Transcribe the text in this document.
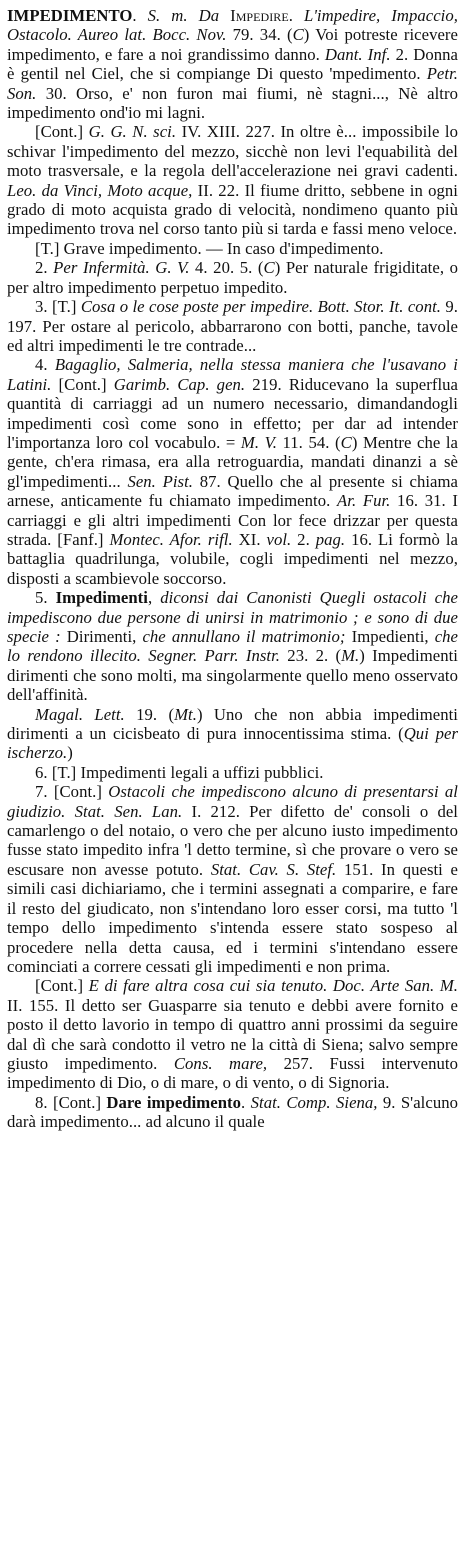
IMPEDIMENTO. S. m. Da Impedire. L'impedire, Impaccio, Ostacolo. Aureo lat. Bocc. Nov. 79. 34. (C) Voi potreste ricevere impedimento, e fare a noi grandissimo danno. Dant. Inf. 2. Donna è gentil nel Ciel, che si compiange Di questo 'mpedimento. Petr. Son. 30. Orso, e' non furon mai fiumi, nè stagni..., Nè altro impedimento ond'io mi lagni.

[Cont.] G. G. N. sci. IV. XIII. 227. In oltre è... impossibile lo schivar l'impedimento del mezzo, sicchè non levi l'equabilità del moto trasversale, e la regola dell'accelerazione nei gravi cadenti. Leo. da Vinci, Moto acque, II. 22. Il fiume dritto, sebbene in ogni grado di moto acquista grado di velocità, nondimeno quanto più impedimento trova nel corso tanto più si tarda e fassi meno veloce.

[T.] Grave impedimento. — In caso d'impedimento.

2. Per Infermità. G. V. 4. 20. 5. (C) Per naturale frigiditate, o per altro impedimento perpetuo impedito.

3. [T.] Cosa o le cose poste per impedire. Bott. Stor. It. cont. 9. 197. Per ostare al pericolo, abbarrarono con botti, panche, tavole ed altri impedimenti le tre contrade...

4. Bagaglio, Salmeria, nella stessa maniera che l'usavano i Latini. [Cont.] Garimb. Cap. gen. 219. Riducevano la superflua quantità di carriaggi ad un numero necessario, dimandandogli impedimenti così come sono in effetto; per dar ad intender l'importanza loro col vocabulo. = M. V. 11. 54. (C) Mentre che la gente, ch'era rimasa, era alla retroguardia, mandati dinanzi a sè gl'impedimenti... Sen. Pist. 87. Quello che al presente si chiama arnese, anticamente fu chiamato impedimento. Ar. Fur. 16. 31. I carriaggi e gli altri impedimenti Con lor fece drizzar per questa strada. [Fanf.] Montec. Afor. rifl. XI. vol. 2. pag. 16. Li formò la battaglia quadrilunga, volubile, cogli impedimenti nel mezzo, disposti a scambievole soccorso.

5. Impedimenti, diconsi dai Canonisti Quegli ostacoli che impediscono due persone di unirsi in matrimonio ; e sono di due specie : Dirimenti, che annullano il matrimonio; Impedienti, che lo rendono illecito. Segner. Parr. Instr. 23. 2. (M.) Impedimenti dirimenti che sono molti, ma singolarmente quello meno osservato dell'affinità.

Magal. Lett. 19. (Mt.) Uno che non abbia impedimenti dirimenti a un cicisbeato di pura innocentissima stima. (Qui per ischerzo.)

6. [T.] Impedimenti legali a uffizi pubblici.

7. [Cont.] Ostacoli che impediscono alcuno di presentarsi al giudizio. Stat. Sen. Lan. I. 212. Per difetto de' consoli o del camarlengo o del notaio, o vero che per alcuno iusto impedimento fusse stato impedito infra 'l detto termine, sì che provare o vero se escusare non avesse potuto. Stat. Cav. S. Stef. 151. In questi e simili casi dichiariamo, che i termini assegnati a comparire, e fare il resto del giudicato, non s'intendano loro esser corsi, ma tutto 'l tempo dello impedimento s'intenda essere stato sospeso al procedere nella detta causa, ed i termini s'intendano essere cominciati a correre cessati gli impedimenti e non prima.

[Cont.] E di fare altra cosa cui sia tenuto. Doc. Arte San. M. II. 155. Il detto ser Guasparre sia tenuto e debbi avere fornito e posto il detto lavorio in tempo di quattro anni prossimi da seguire dal dì che sarà condotto il vetro ne la città di Siena; salvo sempre giusto impedimento. Cons. mare, 257. Fussi intervenuto impedimento di Dio, o di mare, o di vento, o di Signoria.

8. [Cont.] Dare impedimento. Stat. Comp. Siena, 9. S'alcuno darà impedimento... ad alcuno il quale
